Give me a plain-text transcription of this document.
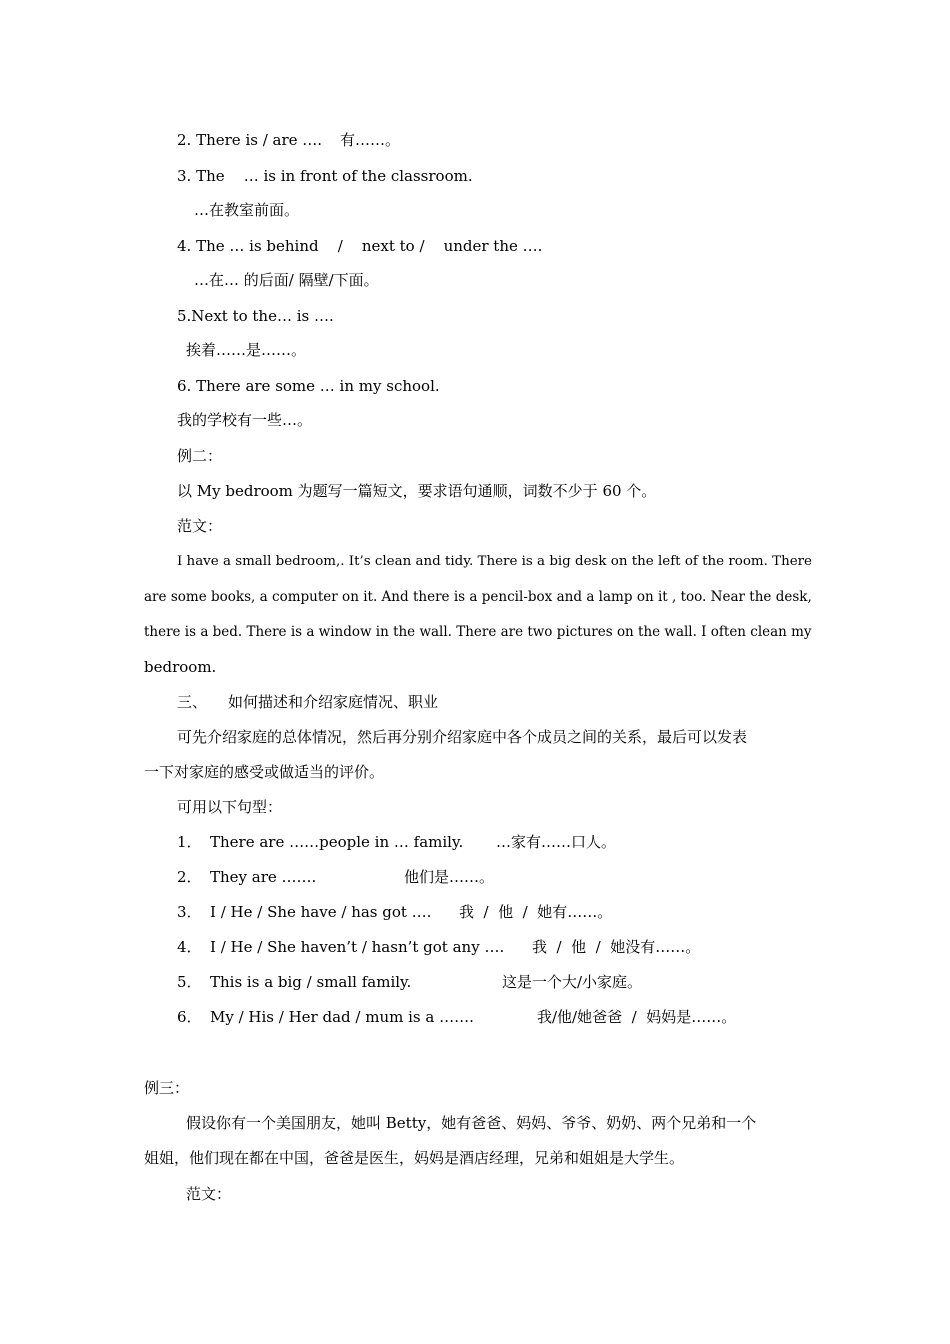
2. There is / are …. 有……。
3. The    … is in front of the classroom.
…在教室前面。
4. The … is behind    /    next to /    under the ….
…在… 的后面/ 隔壁/下面。
5.Next to the… is ….
挨着……是……。
6. There are some … in my school.
我的学校有一些…。
例二：
以 My bedroom 为题写一篇短文，要求语句通顺，词数不少于 60 个。
范文：
I have a small bedroom,. It’s clean and tidy. There is a big desk on the left of the room. There
are some books, a computer on it. And there is a pencil-box and a lamp on it , too. Near the desk,
there is a bed. There is a window in the wall. There are two pictures on the wall. I often clean my
bedroom.
三、 如何描述和介绍家庭情况、职业
可先介绍家庭的总体情况，然后再分别介绍家庭中各个成员之间的关系，最后可以发表
一下对家庭的感受或做适当的评价。
可用以下句型：
1． There are ……people in … family. …家有……口人。
2． They are …….	他们是……。
3． I / He / She have / has got …. 我  /  他  /  她有……。
4． I / He / She haven’t / hasn’t got any …. 我  /  他  /  她没有……。
5． This is a big / small family.	这是一个大/小家庭。
6． My / His / Her dad / mum is a …….	我/他/她爸爸  /  妈妈是……。
例三：
假设你有一个美国朋友，她叫 Betty，她有爸爸、妈妈、爷爷、奶奶、两个兄弟和一个
姐姐，他们现在都在中国，爸爸是医生，妈妈是酒店经理，兄弟和姐姐是大学生。
范文：
